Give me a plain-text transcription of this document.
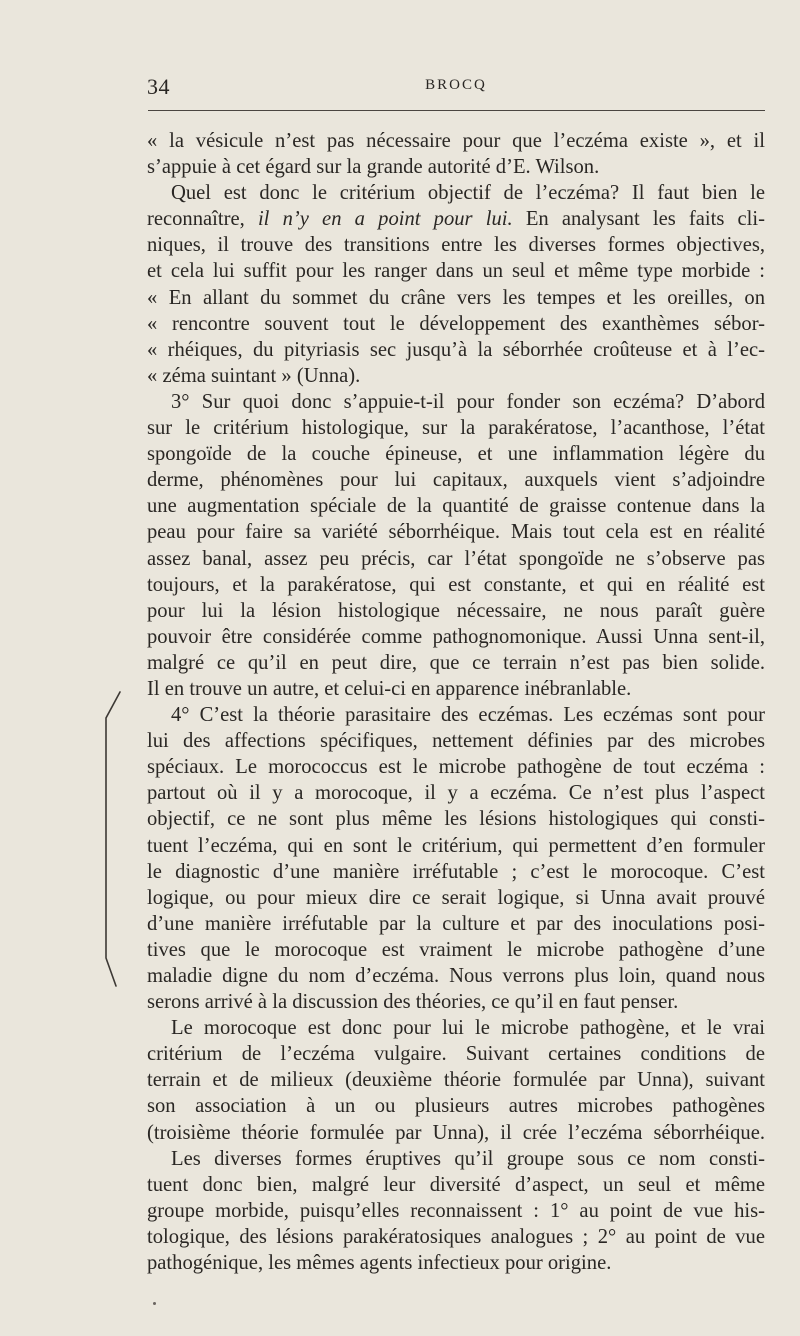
34	BROCQ
« la vésicule n’est pas nécessaire pour que l’eczéma existe », et il
s’appuie à cet égard sur la grande autorité d’E. Wilson.
Quel est donc le critérium objectif de l’eczéma? Il faut bien le
reconnaître, il n’y en a point pour lui. En analysant les faits cli-
niques, il trouve des transitions entre les diverses formes objectives,
et cela lui suffit pour les ranger dans un seul et même type morbide :
« En allant du sommet du crâne vers les tempes et les oreilles, on
« rencontre souvent tout le développement des exanthèmes sébor-
« rhéiques, du pityriasis sec jusqu’à la séborrhée croûteuse et à l’ec-
« zéma suintant » (Unna).
3° Sur quoi donc s’appuie-t-il pour fonder son eczéma? D’abord
sur le critérium histologique, sur la parakératose, l’acanthose, l’état
spongoïde de la couche épineuse, et une inflammation légère du
derme, phénomènes pour lui capitaux, auxquels vient s’adjoindre
une augmentation spéciale de la quantité de graisse contenue dans la
peau pour faire sa variété séborrhéique. Mais tout cela est en réalité
assez banal, assez peu précis, car l’état spongoïde ne s’observe pas
toujours, et la parakératose, qui est constante, et qui en réalité est
pour lui la lésion histologique nécessaire, ne nous paraît guère
pouvoir être considérée comme pathognomonique. Aussi Unna sent-il,
malgré ce qu’il en peut dire, que ce terrain n’est pas bien solide.
Il en trouve un autre, et celui-ci en apparence inébranlable.
4° C’est la théorie parasitaire des eczémas. Les eczémas sont pour
lui des affections spécifiques, nettement définies par des microbes
spéciaux. Le morococcus est le microbe pathogène de tout eczéma :
partout où il y a morocoque, il y a eczéma. Ce n’est plus l’aspect
objectif, ce ne sont plus même les lésions histologiques qui consti-
tuent l’eczéma, qui en sont le critérium, qui permettent d’en formuler
le diagnostic d’une manière irréfutable ; c’est le morocoque. C’est
logique, ou pour mieux dire ce serait logique, si Unna avait prouvé
d’une manière irréfutable par la culture et par des inoculations posi-
tives que le morocoque est vraiment le microbe pathogène d’une
maladie digne du nom d’eczéma. Nous verrons plus loin, quand nous
serons arrivé à la discussion des théories, ce qu’il en faut penser.
Le morocoque est donc pour lui le microbe pathogène, et le vrai
critérium de l’eczéma vulgaire. Suivant certaines conditions de
terrain et de milieux (deuxième théorie formulée par Unna), suivant
son association à un ou plusieurs autres microbes pathogènes
(troisième théorie formulée par Unna), il crée l’eczéma séborrhéique.
Les diverses formes éruptives qu’il groupe sous ce nom consti-
tuent donc bien, malgré leur diversité d’aspect, un seul et même
groupe morbide, puisqu’elles reconnaissent : 1° au point de vue his-
tologique, des lésions parakératosiques analogues ; 2° au point de vue
pathogénique, les mêmes agents infectieux pour origine.
